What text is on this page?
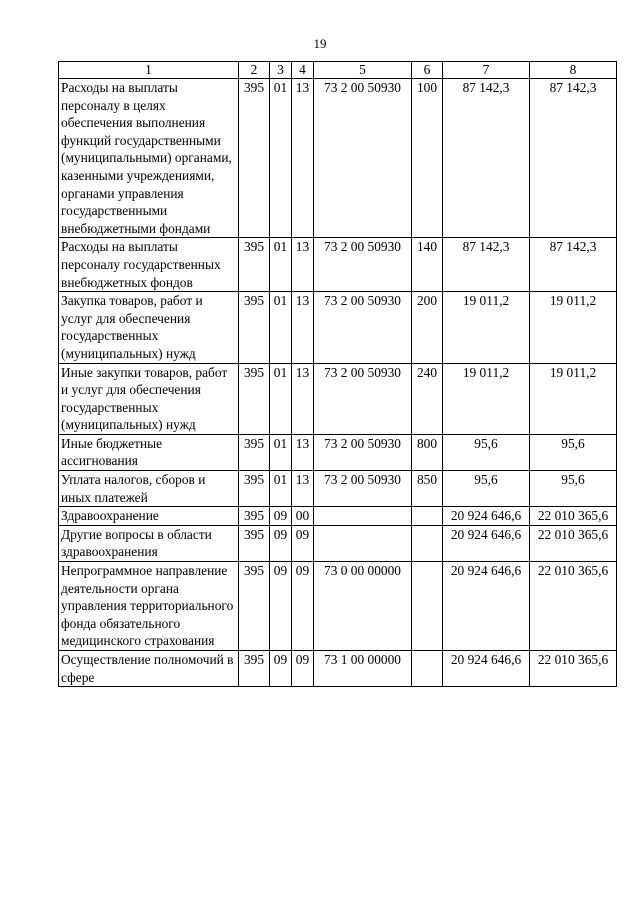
19
1	2	3	4	5	6	7	8
Расходы на выплаты персоналу в целях обеспечения выполнения функций государственными (муниципальными) органами, казенными учреждениями, органами управления государственными внебюджетными фондами	395	01	13	73 2 00 50930	100	87 142,3	87 142,3
Расходы на выплаты персоналу государственных внебюджетных фондов	395	01	13	73 2 00 50930	140	87 142,3	87 142,3
Закупка товаров, работ и услуг для обеспечения государственных (муниципальных) нужд	395	01	13	73 2 00 50930	200	19 011,2	19 011,2
Иные закупки товаров, работ и услуг для обеспечения государственных (муниципальных) нужд	395	01	13	73 2 00 50930	240	19 011,2	19 011,2
Иные бюджетные ассигнования	395	01	13	73 2 00 50930	800	95,6	95,6
Уплата налогов, сборов и иных платежей	395	01	13	73 2 00 50930	850	95,6	95,6
Здравоохранение	395	09	00			20 924 646,6	22 010 365,6
Другие вопросы в области здравоохранения	395	09	09			20 924 646,6	22 010 365,6
Непрограммное направление деятельности органа управления территориального фонда обязательного медицинского страхования	395	09	09	73 0 00 00000		20 924 646,6	22 010 365,6
Осуществление полномочий в сфере	395	09	09	73 1 00 00000		20 924 646,6	22 010 365,6
